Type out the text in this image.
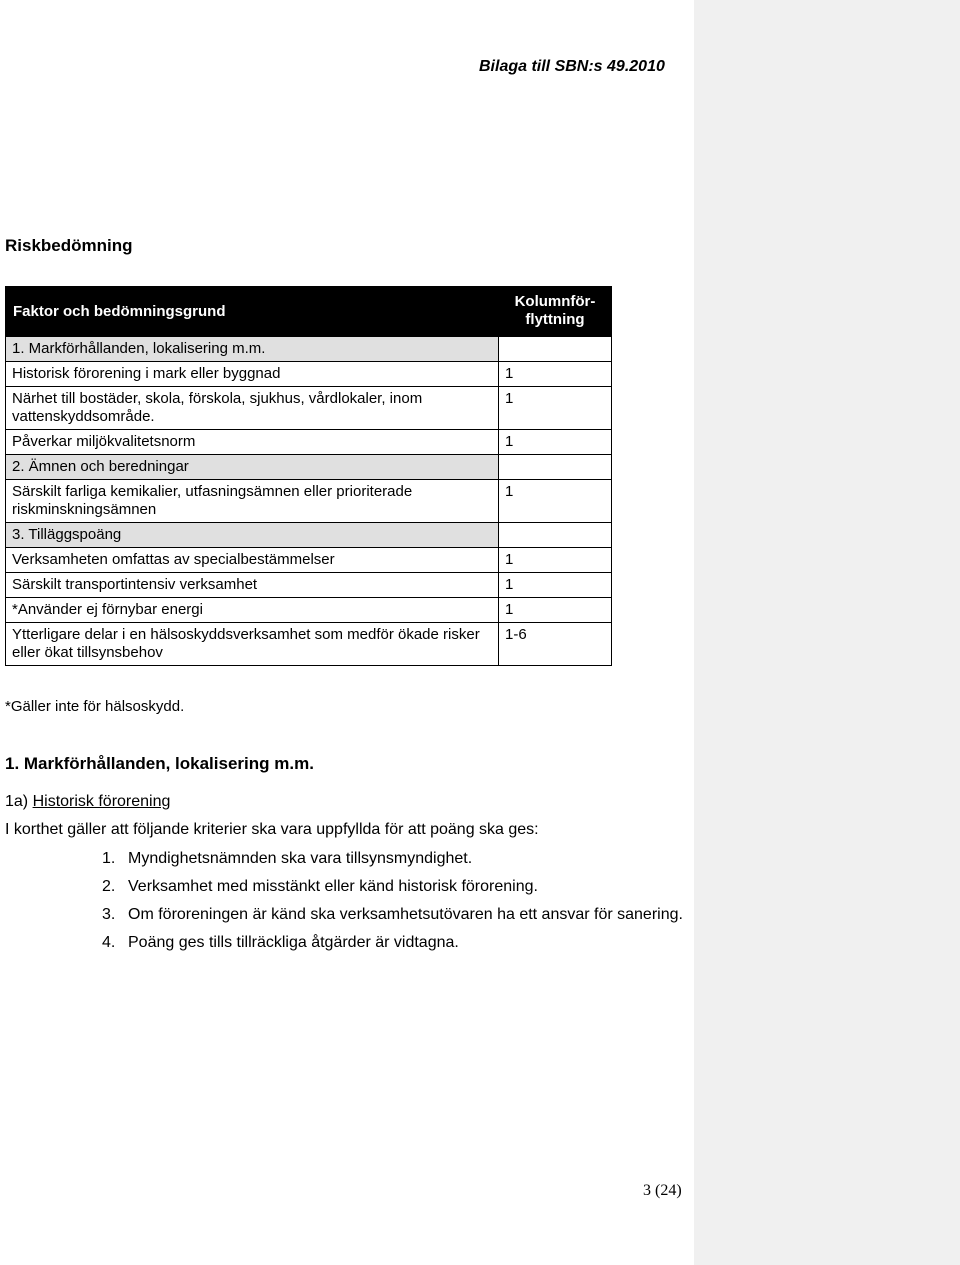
Bilaga till SBN:s 49.2010
Riskbedömning
Faktor och bedömningsgrund	Kolumnför-
flyttning
1. Markförhållanden, lokalisering m.m.	
Historisk förorening i mark eller byggnad	1
Närhet till bostäder, skola, förskola, sjukhus, vårdlokaler, inom vattenskyddsområde.	1
Påverkar miljökvalitetsnorm	1
2. Ämnen och beredningar	
Särskilt farliga kemikalier, utfasningsämnen eller prioriterade riskminskningsämnen	1
3. Tilläggspoäng	
Verksamheten omfattas av specialbestämmelser	1
Särskilt transportintensiv verksamhet	1
*Använder ej förnybar energi	1
Ytterligare delar i en hälsoskyddsverksamhet som medför ökade risker eller ökat tillsynsbehov	1-6
*Gäller inte för hälsoskydd.
1. Markförhållanden, lokalisering m.m.
1a) Historisk förorening
I korthet gäller att följande kriterier ska vara uppfyllda för att poäng ska ges:
1. Myndighetsnämnden ska vara tillsynsmyndighet.
2. Verksamhet med misstänkt eller känd historisk förorening.
3. Om föroreningen är känd ska verksamhetsutövaren ha ett ansvar för sanering.
4. Poäng ges tills tillräckliga åtgärder är vidtagna.
3 (24)
